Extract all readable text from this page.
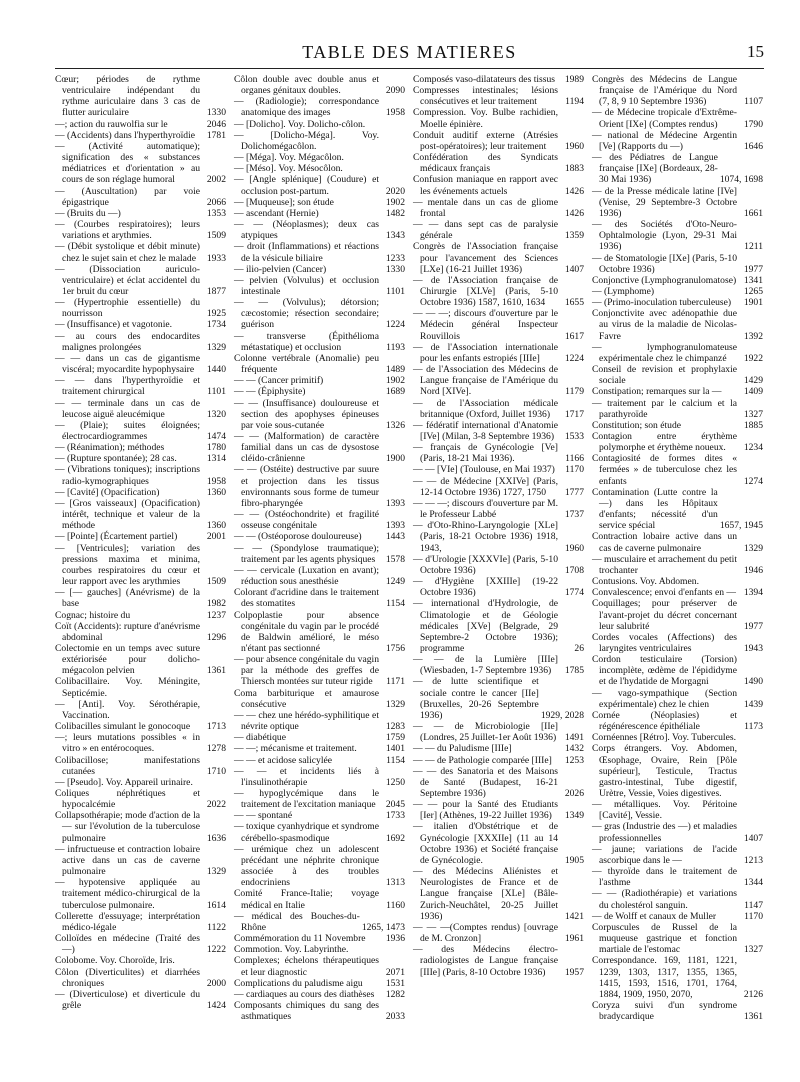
TABLE DES MATIERES	15
Cœur; périodes de rythme ventriculaire indépendant du rythme auriculaire dans 3 cas de flutter auriculaire	1330
—; action du rauwolfia sur le	2046
— (Accidents) dans l'hyperthyroïdie	1781
— (Activité automatique); signification des « substances médiatrices et d'orientation » au cours de son réglage humoral	2002
— (Auscultation) par voie épigastrique	2066
— (Bruits du —)	1353
— (Courbes respiratoires); leurs variations et arythmies.	1509
— (Débit systolique et débit minute) chez le sujet sain et chez le malade	1933
— (Dissociation auriculo-ventriculaire) et éclat accidentel du 1er bruit du cœur	1877
— (Hypertrophie essentielle) du nourrisson	1925
— (Insuffisance) et vagotonie.	1734
— au cours des endocardites malignes prolongées	1329
— — dans un cas de gigantisme viscéral; myocardite hypophysaire	1440
— — dans l'hyperthyroïdie et traitement chirurgical	1101
— — terminale dans un cas de leucose aiguë aleucémique	1320
— (Plaie); suites éloignées; électrocardiogrammes	1474
— (Réanimation); méthodes	1780
— (Rupture spontanée); 28 cas.	1314
— (Vibrations toniques); inscriptions radio-kymographiques	1958
— [Cavité] (Opacification)	1360
— [Gros vaisseaux] (Opacification) intérêt, technique et valeur de la méthode	1360
— [Pointe] (Écartement partiel)	2001
— [Ventricules]; variation des pressions maxima et minima, courbes respiratoires du cœur et leur rapport avec les arythmies	1509
— [— gauches] (Anévrisme) de la base	1982
Cognac; histoire du	1237
Coït (Accidents): rupture d'anévrisme abdominal	1296
Colectomie en un temps avec suture extériorisée pour dolicho-mégacolon pelvien	1361
Colibacillaire. Voy. Méningite, Septicémie.
— [Anti]. Voy. Sérothérapie, Vaccination.
Colibacilles simulant le gonocoque	1713
—; leurs mutations possibles « in vitro » en entérocoques.	1278
Colibacillose; manifestations cutanées	1710
— [Pseudo]. Voy. Appareil urinaire.
Coliques néphrétiques et hypocalcémie	2022
Collapsothérapie; mode d'action de la — sur l'évolution de la tuberculose pulmonaire	1636
— infructueuse et contraction lobaire active dans un cas de caverne pulmonaire	1329
— hypotensive appliquée au traitement médico-chirurgical de la tuberculose pulmonaire.	1614
Collerette d'essuyage; interprétation médico-légale	1122
Colloïdes en médecine (Traité des —)	1222
Colobome. Voy. Choroïde, Iris.
Côlon (Diverticulites) et diarrhées chroniques	2000
— (Diverticulose) et diverticule du grêle	1424
Côlon double avec double anus et organes génitaux doubles.	2090
— (Radiologie); correspondance anatomique des images	1958
— [Dolicho]. Voy. Dolicho-côlon.
— [Dolicho-Méga]. Voy. Dolichomégacôlon.
— [Méga]. Voy. Mégacôlon.
— [Méso]. Voy. Mésocôlon.
— [Angle splénique] (Coudure) et occlusion post-partum.	2020
— [Muqueuse]; son étude	1902
— ascendant (Hernie)	1482
— — (Néoplasmes); deux cas atypiques	1343
— droit (Inflammations) et réactions de la vésicule biliaire	1233
— ilio-pelvien (Cancer)	1330
— pelvien (Volvulus) et occlusion intestinale	1101
— — (Volvulus); détorsion; cæcostomie; résection secondaire; guérison	1224
— transverse (Épithélioma métastatique) et occlusion	1193
Colonne vertébrale (Anomalie) peu fréquente	1489
— — (Cancer primitif)	1902
— — (Épiphysite)	1689
— — (Insuffisance) douloureuse et section des apophyses épineuses par voie sous-cutanée	1326
— — (Malformation) de caractère familial dans un cas de dysostose cléido-crânienne	1900
— — (Ostéite) destructive par suure et projection dans les tissus environnants sous forme de tumeur fibro-pharyngée	1393
— — (Ostéochondrite) et fragilité osseuse congénitale	1393
— — (Ostéoporose douloureuse)	1443
— — (Spondylose traumatique); traitement par les agents physiques	1578
— — cervicale (Luxation en avant); réduction sous anesthésie	1249
Colorant d'acridine dans le traitement des stomatites	1154
Colpoplastie pour absence congénitale du vagin par le procédé de Baldwin amélioré, le méso n'étant pas sectionné	1756
— pour absence congénitale du vagin par la méthode des greffes de Thiersch montées sur tuteur rigide	1171
Coma barbiturique et amaurose consécutive	1329
— — chez une hérédo-syphilitique et névrite optique	1283
— diabétique	1759
— —; mécanisme et traitement.	1401
— — et acidose salicylée	1154
— — et incidents liés à l'insulinothérapie	1250
— hypoglycémique dans le traitement de l'excitation maniaque	2045
— — spontané	1733
— toxique cyanhydrique et syndrome cérébello-spasmodique	1692
— urémique chez un adolescent précédant une néphrite chronique associée à des troubles endocriniens	1313
Comité France-Italie; voyage médical en Italie	1160
— médical des Bouches-du-Rhône	1265, 1473
Commémoration du 11 Novembre	1936
Commotion. Voy. Labyrinthe.
Complexes; échelons thérapeutiques et leur diagnostic	2071
Complications du paludisme aigu	1531
— cardiaques au cours des diathèses	1282
Composants chimiques du sang des asthmatiques	2033
Composés vaso-dilatateurs des tissus	1989
Compresses intestinales; lésions consécutives et leur traitement	1194
Compression. Voy. Bulbe rachidien, Moelle épinière.
Conduit auditif externe (Atrésies post-opératoires); leur traitement	1960
Confédération des Syndicats médicaux français	1883
Confusion maniaque en rapport avec les événements actuels	1426
— mentale dans un cas de gliome frontal	1426
— — dans sept cas de paralysie générale	1359
Congrès de l'Association française pour l'avancement des Sciences [LXe] (16-21 Juillet 1936)	1407
— de l'Association française de Chirurgie [XLVe] (Paris, 5-10 Octobre 1936) 1587, 1610, 1634	1655
— — —; discours d'ouverture par le Médecin général Inspecteur Rouvillois	1617
— de l'Association internationale pour les enfants estropiés [IIIe]	1224
— de l'Association des Médecins de Langue française de l'Amérique du Nord [XIVe].	1179
— de l'Association médicale britannique (Oxford, Juillet 1936)	1717
— fédératif international d'Anatomie [IVe] (Milan, 3-8 Septembre 1936)	1533
— français de Gynécologie [Ve] (Paris, 18-21 Mai 1936).	1166
— — [VIe] (Toulouse, en Mai 1937)	1170
— — de Médecine [XXIVe] (Paris, 12-14 Octobre 1936) 1727, 1750	1777
— — —; discours d'ouverture par M. le Professeur Labbé	1737
— d'Oto-Rhino-Laryngologie [XLe] (Paris, 18-21 Octobre 1936) 1918, 1943,	1960
— d'Urologie [XXXVIe] (Paris, 5-10 Octobre 1936)	1708
— d'Hygiène [XXIIIe] (19-22 Octobre 1936)	1774
— international d'Hydrologie, de Climatologie et de Géologie médicales [XVe] (Belgrade, 29 Septembre-2 Octobre 1936); programme	26
— — de la Lumière [IIIe] (Wiesbaden, 1-7 Septembre 1936)	1785
— de lutte scientifique et sociale contre le cancer [IIe] (Bruxelles, 20-26 Septembre 1936)	1929, 2028
— — de Microbiologie [IIe] (Londres, 25 Juillet-1er Août 1936) 1491
— — du Paludisme [IIIe]	1432
— — de Pathologie comparée [IIIe]	1253
— — des Sanatoria et des Maisons de Santé (Budapest, 16-21 Septembre 1936)	2026
— — pour la Santé des Etudiants [Ier] (Athènes, 19-22 Juillet 1936)	1349
— italien d'Obstétrique et de Gynécologie [XXXIIe] (11 au 14 Octobre 1936) et Société française de Gynécologie.	1905
— des Médecins Aliénistes et Neurologistes de France et de Langue française [XLe] (Bâle-Zurich-Neuchâtel, 20-25 Juillet 1936)	1421
— — —(Comptes rendus) [ouvrage de M. Cronzon]	1961
— des Médecins électro-radiologistes de Langue française [IIIe] (Paris, 8-10 Octobre 1936)	1957
Congrès des Médecins de Langue française de l'Amérique du Nord (7, 8, 9 10 Septembre 1936)	1107
— de Médecine tropicale d'Extrême-Orient [IXe] (Comptes rendus)	1790
— national de Médecine Argentin [Ve] (Rapports du —)	1646
— des Pédiatres de Langue française [IXe] (Bordeaux, 28-30 Mai 1936)	1074, 1698
— de la Presse médicale latine [IVe] (Venise, 29 Septembre-3 Octobre 1936)	1661
— des Sociétés d'Oto-Neuro-Ophtalmologie (Lyon, 29-31 Mai 1936)	1211
— de Stomatologie [IXe] (Paris, 5-10 Octobre 1936)	1977
Conjonctive (Lymphogranulomatose) 1341
— (Lymphome)	1265
— (Primo-inoculation tuberculeuse)	1901
Conjonctivite avec adénopathie due au virus de la maladie de Nicolas-Favre	1392
— lymphogranulomateuse expérimentale chez le chimpanzé	1922
Conseil de revision et prophylaxie sociale	1429
Constipation; remarques sur la —	1409
— traitement par le calcium et la parathyroïde	1327
Constitution; son étude	1885
Contagion entre érythème polymorphe et érythème noueux.	1234
Contagiosité de formes dites « fermées » de tuberculose chez les enfants	1274
Contamination (Lutte contre la —) dans les Hôpitaux d'enfants; nécessité d'un service spécial	1657, 1945
Contraction lobaire active dans un cas de caverne pulmonaire	1329
— musculaire et arrachement du petit trochanter	1946
Contusions. Voy. Abdomen.
Convalescence; envoi d'enfants en — 1394
Coquillages; pour préserver de l'avant-projet du décret concernant leur salubrité	1977
Cordes vocales (Affections) des laryngites ventriculaires	1943
Cordon testiculaire (Torsion) incomplète, œdème de l'épididyme et de l'hydatide de Morgagni	1490
— vago-sympathique (Section expérimentale) chez le chien	1439
Cornée (Néoplasies) et régénérescence épithéliale	1173
Cornéennes [Rétro]. Voy. Tubercules.
Corps étrangers. Voy. Abdomen, Œsophage, Ovaire, Rein [Pôle supérieur], Testicule, Tractus gastro-intestinal, Tube digestif, Urètre, Vessie, Voies digestives.
— métalliques. Voy. Péritoine [Cavité], Vessie.
— gras (Industrie des —) et maladies professionnelles	1407
— jaune; variations de l'acide ascorbique dans le —	1213
— thyroïde dans le traitement de l'asthme	1344
— — (Radiothérapie) et variations du cholestérol sanguin.	1147
— de Wolff et canaux de Muller	1170
Corpuscules de Russel de la muqueuse gastrique et fonction martiale de l'estomac	1327
Correspondance. 169, 1181, 1221, 1239, 1303, 1317, 1355, 1365, 1415, 1593, 1516, 1701, 1764, 1884, 1909, 1950, 2070,	2126
Coryza suivi d'un syndrome bradycardique	1361
